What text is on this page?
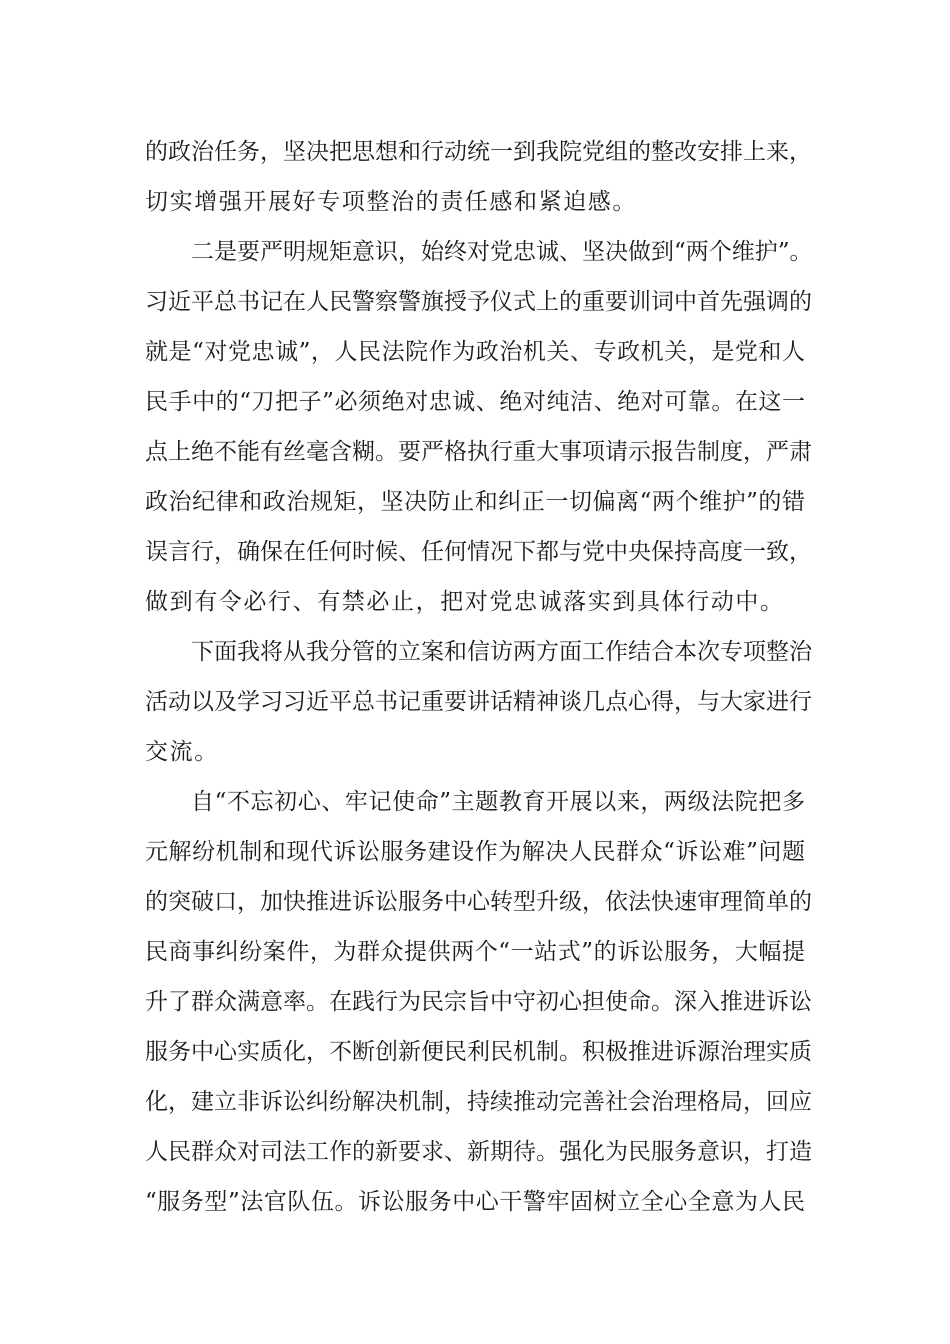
的政治任务，坚决把思想和行动统一到我院党组的整改安排上来，
切实增强开展好专项整治的责任感和紧迫感。
二是要严明规矩意识，始终对党忠诚、坚决做到“两个维护”。
习近平总书记在人民警察警旗授予仪式上的重要训词中首先强调的
就是“对党忠诚”，人民法院作为政治机关、专政机关，是党和人
民手中的“刀把子”必须绝对忠诚、绝对纯洁、绝对可靠。在这一
点上绝不能有丝毫含糊。要严格执行重大事项请示报告制度，严肃
政治纪律和政治规矩，坚决防止和纠正一切偏离“两个维护”的错
误言行，确保在任何时候、任何情况下都与党中央保持高度一致，
做到有令必行、有禁必止，把对党忠诚落实到具体行动中。
下面我将从我分管的立案和信访两方面工作结合本次专项整治
活动以及学习习近平总书记重要讲话精神谈几点心得，与大家进行
交流。
自“不忘初心、牢记使命”主题教育开展以来，两级法院把多
元解纷机制和现代诉讼服务建设作为解决人民群众“诉讼难”问题
的突破口，加快推进诉讼服务中心转型升级，依法快速审理简单的
民商事纠纷案件，为群众提供两个“一站式”的诉讼服务，大幅提
升了群众满意率。在践行为民宗旨中守初心担使命。深入推进诉讼
服务中心实质化，不断创新便民利民机制。积极推进诉源治理实质
化，建立非诉讼纠纷解决机制，持续推动完善社会治理格局，回应
人民群众对司法工作的新要求、新期待。强化为民服务意识，打造
“服务型”法官队伍。诉讼服务中心干警牢固树立全心全意为人民
